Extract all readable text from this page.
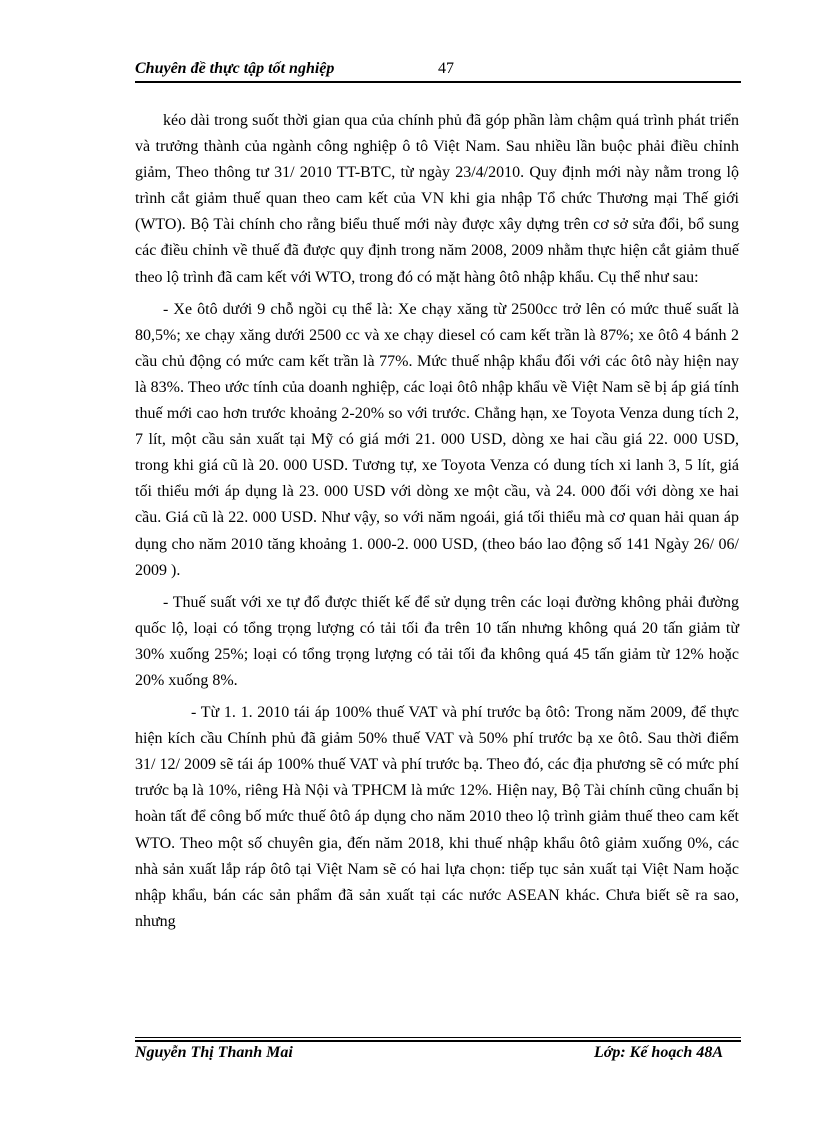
Chuyên đề thực tập tốt nghiệp	47

kéo dài trong suốt thời gian qua của chính phủ đã góp phần làm chậm quá trình phát triển và trưởng thành của ngành công nghiệp ô tô Việt Nam. Sau nhiều lần buộc phải điều chỉnh giảm, Theo thông tư 31/ 2010 TT-BTC, từ ngày 23/4/2010. Quy định mới này nằm trong lộ trình cắt giảm thuế quan theo cam kết của VN khi gia nhập Tổ chức Thương mại Thế giới (WTO). Bộ Tài chính cho rằng biểu thuế mới này được xây dựng trên cơ sở sửa đổi, bổ sung các điều chỉnh về thuế đã được quy định trong năm 2008, 2009 nhằm thực hiện cắt giảm thuế theo lộ trình đã cam kết với WTO, trong đó có mặt hàng ôtô nhập khẩu. Cụ thể như sau:

- Xe ôtô dưới 9 chỗ ngồi cụ thể là: Xe chạy xăng từ 2500cc trở lên có mức thuế suất là 80,5%; xe chạy xăng dưới 2500 cc và xe chạy diesel có cam kết trần là 87%; xe ôtô 4 bánh 2 cầu chủ động có mức cam kết trần là 77%. Mức thuế nhập khẩu đối với các ôtô này hiện nay là 83%. Theo ước tính của doanh nghiệp, các loại ôtô nhập khẩu về Việt Nam sẽ bị áp giá tính thuế mới cao hơn trước khoảng 2-20% so với trước. Chẳng hạn, xe Toyota Venza dung tích 2, 7 lít, một cầu sản xuất tại Mỹ có giá mới 21. 000 USD, dòng xe hai cầu giá 22. 000 USD, trong khi giá cũ là 20. 000 USD. Tương tự, xe Toyota Venza có dung tích xi lanh 3, 5 lít, giá tối thiểu mới áp dụng là 23. 000 USD với dòng xe một cầu, và 24. 000 đối với dòng xe hai cầu. Giá cũ là 22. 000 USD. Như vậy, so với năm ngoái, giá tối thiểu mà cơ quan hải quan áp dụng cho năm 2010 tăng khoảng 1. 000-2. 000 USD, (theo báo lao động số 141 Ngày 26/ 06/ 2009 ).

- Thuế suất với xe tự đổ được thiết kế để sử dụng trên các loại đường không phải đường quốc lộ, loại có tổng trọng lượng có tải tối đa trên 10 tấn nhưng không quá 20 tấn giảm từ 30% xuống 25%; loại có tổng trọng lượng có tải tối đa không quá 45 tấn giảm từ 12% hoặc 20% xuống 8%.

- Từ 1. 1. 2010 tái áp 100% thuế VAT và phí trước bạ ôtô: Trong năm 2009, để thực hiện kích cầu Chính phủ đã giảm 50% thuế VAT và 50% phí trước bạ xe ôtô. Sau thời điểm 31/ 12/ 2009 sẽ tái áp 100% thuế VAT và phí trước bạ. Theo đó, các địa phương sẽ có mức phí trước bạ là 10%, riêng Hà Nội và TPHCM là mức 12%. Hiện nay, Bộ Tài chính cũng chuẩn bị hoàn tất để công bố mức thuế ôtô áp dụng cho năm 2010 theo lộ trình giảm thuế theo cam kết WTO. Theo một số chuyên gia, đến năm 2018, khi thuế nhập khẩu ôtô giảm xuống 0%, các nhà sản xuất lắp ráp ôtô tại Việt Nam sẽ có hai lựa chọn: tiếp tục sản xuất tại Việt Nam hoặc nhập khẩu, bán các sản phẩm đã sản xuất tại các nước ASEAN khác. Chưa biết sẽ ra sao, nhưng

Nguyễn Thị Thanh Mai	Lớp: Kế hoạch 48A
